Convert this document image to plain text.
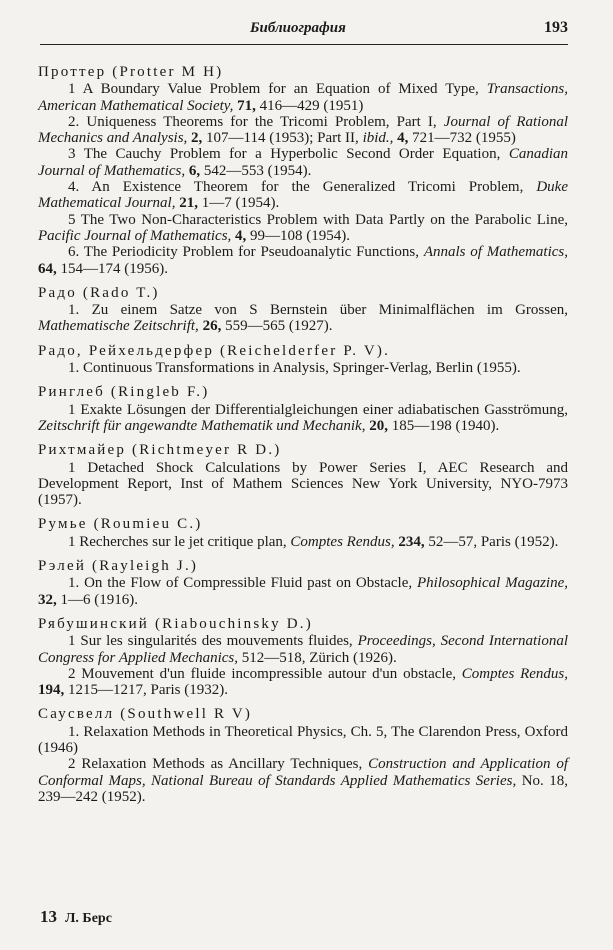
Библиография	193
Проттер (Protter M H)
1 A Boundary Value Problem for an Equation of Mixed Type, Transactions, American Mathematical Society, 71, 416—429 (1951)
2. Uniqueness Theorems for the Tricomi Problem, Part I, Journal of Rational Mechanics and Analysis, 2, 107—114 (1953); Part II, ibid., 4, 721—732 (1955)
3 The Cauchy Problem for a Hyperbolic Second Order Equation, Canadian Journal of Mathematics, 6, 542—553 (1954).
4. An Existence Theorem for the Generalized Tricomi Problem, Duke Mathematical Journal, 21, 1—7 (1954).
5 The Two Non-Characteristics Problem with Data Partly on the Parabolic Line, Pacific Journal of Mathematics, 4, 99—108 (1954).
6. The Periodicity Problem for Pseudoanalytic Functions, Annals of Mathematics, 64, 154—174 (1956).
Радо (Rado T.)
1. Zu einem Satze von S Bernstein über Minimalflächen im Grossen, Mathematische Zeitschrift, 26, 559—565 (1927).
Радо, Рейхельдерфер (Reichelderfer P. V).
1. Continuous Transformations in Analysis, Springer-Verlag, Berlin (1955).
Ринглеб (Ringleb F.)
1 Exakte Lösungen der Differentialgleichungen einer adiabatischen Gasströmung, Zeitschrift für angewandte Mathematik und Mechanik, 20, 185—198 (1940).
Рихтмайер (Richtmeyer R D.)
1 Detached Shock Calculations by Power Series I, AEC Research and Development Report, Inst of Mathem Sciences New York University, NYO-7973 (1957).
Румье (Roumieu C.)
1 Recherches sur le jet critique plan, Comptes Rendus, 234, 52—57, Paris (1952).
Рэлей (Rayleigh J.)
1. On the Flow of Compressible Fluid past on Obstacle, Philosophical Magazine, 32, 1—6 (1916).
Рябушинский (Riabouchinsky D.)
1 Sur les singularités des mouvements fluides, Proceedings, Second International Congress for Applied Mechanics, 512—518, Zürich (1926).
2 Mouvement d'un fluide incompressible autour d'un obstacle, Comptes Rendus, 194, 1215—1217, Paris (1932).
Саусвелл (Southwell R V)
1. Relaxation Methods in Theoretical Physics, Ch. 5, The Clarendon Press, Oxford (1946)
2 Relaxation Methods as Ancillary Techniques, Construction and Application of Conformal Maps, National Bureau of Standards Applied Mathematics Series, No. 18, 239—242 (1952).
13 Л. Берс
